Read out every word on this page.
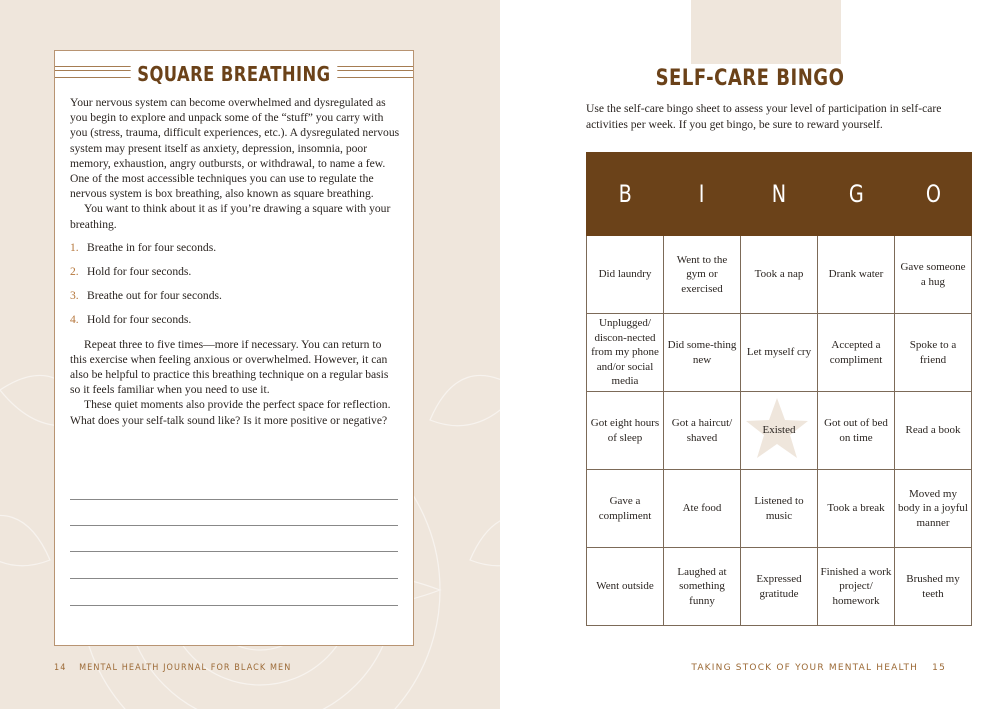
SQUARE BREATHING

Your nervous system can become overwhelmed and dysregulated as you begin to explore and unpack some of the “stuff” you carry with you (stress, trauma, difficult experiences, etc.). A dysregulated nervous system may present itself as anxiety, depression, insomnia, poor memory, exhaustion, angry outbursts, or withdrawal, to name a few. One of the most accessible techniques you can use to regulate the nervous system is box breathing, also known as square breathing.

You want to think about it as if you’re drawing a square with your breathing.

1. Breathe in for four seconds.
2. Hold for four seconds.
3. Breathe out for four seconds.
4. Hold for four seconds.

Repeat three to five times—more if necessary. You can return to this exercise when feeling anxious or overwhelmed. However, it can also be helpful to practice this breathing technique on a regular basis so it feels familiar when you need to use it.

These quiet moments also provide the perfect space for reflection. What does your self-talk sound like? Is it more positive or negative?

14 MENTAL HEALTH JOURNAL FOR BLACK MEN
SELF-CARE BINGO
Use the self-care bingo sheet to assess your level of participation in self-care activities per week. If you get bingo, be sure to reward yourself.
B	I	N	G	O
Did laundry	Went to the gym or exercised	Took a nap	Drank water	Gave someone a hug
Unplugged/ discon-nected from my phone and/or social media	Did some-thing new	Let myself cry	Accepted a compliment	Spoke to a friend
Got eight hours of sleep	Got a haircut/ shaved	Existed	Got out of bed on time	Read a book
Gave a compliment	Ate food	Listened to music	Took a break	Moved my body in a joyful manner
Went outside	Laughed at something funny	Expressed gratitude	Finished a work project/ homework	Brushed my teeth
TAKING STOCK OF YOUR MENTAL HEALTH 15
